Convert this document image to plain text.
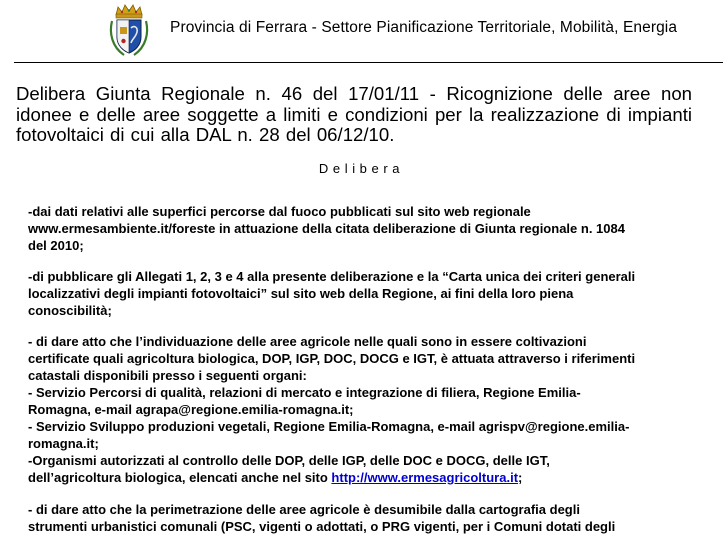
Provincia di Ferrara - Settore Pianificazione Territoriale, Mobilità, Energia
Delibera Giunta Regionale n. 46 del 17/01/11 - Ricognizione delle aree non
idonee e delle aree soggette a limiti e condizioni per la realizzazione di impianti
fotovoltaici di cui alla DAL n. 28 del 06/12/10.
Delibera
-dai dati relativi alle superfici percorse dal fuoco pubblicati sul sito web regionale
www.ermesambiente.it/foreste in attuazione della citata deliberazione di Giunta regionale n. 1084
del 2010;
-di pubblicare gli Allegati 1, 2, 3 e 4 alla presente deliberazione e la “Carta unica dei criteri generali
localizzativi degli impianti fotovoltaici” sul sito web della Regione, ai fini della loro piena
conoscibilità;
- di dare atto che l’individuazione delle aree agricole nelle quali sono in essere coltivazioni
certificate quali agricoltura biologica, DOP, IGP, DOC, DOCG e IGT, è attuata attraverso i riferimenti
catastali disponibili presso i seguenti organi:
- Servizio Percorsi di qualità, relazioni di mercato e integrazione di filiera, Regione Emilia-
Romagna, e-mail agrapa@regione.emilia-romagna.it;
- Servizio Sviluppo produzioni vegetali, Regione Emilia-Romagna, e-mail agrispv@regione.emilia-
romagna.it;
-Organismi autorizzati al controllo delle DOP, delle IGP, delle DOC e DOCG, delle IGT,
dell’agricoltura biologica, elencati anche nel sito http://www.ermesagricoltura.it;
- di dare atto che la perimetrazione delle aree agricole è desumibile dalla cartografia degli
strumenti urbanistici comunali (PSC, vigenti o adottati, o PRG vigenti, per i Comuni dotati degli
